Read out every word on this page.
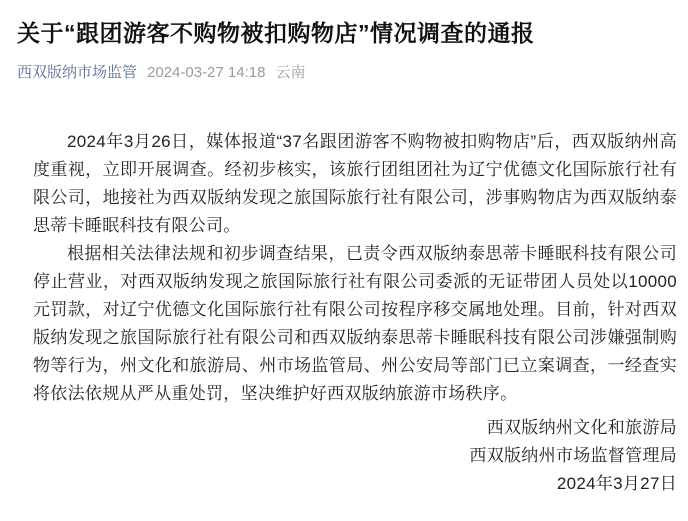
关于“跟团游客不购物被扣购物店”情况调查的通报
西双版纳市场监管 2024-03-27 14:18 云南

2024年3月26日，媒体报道“37名跟团游客不购物被扣购物店”后，西双版纳州高度重视，立即开展调查。经初步核实，该旅行团组团社为辽宁优德文化国际旅行社有限公司，地接社为西双版纳发现之旅国际旅行社有限公司，涉事购物店为西双版纳泰思蒂卡睡眠科技有限公司。

根据相关法律法规和初步调查结果，已责令西双版纳泰思蒂卡睡眠科技有限公司停止营业，对西双版纳发现之旅国际旅行社有限公司委派的无证带团人员处以10000元罚款，对辽宁优德文化国际旅行社有限公司按程序移交属地处理。目前，针对西双版纳发现之旅国际旅行社有限公司和西双版纳泰思蒂卡睡眠科技有限公司涉嫌强制购物等行为，州文化和旅游局、州市场监管局、州公安局等部门已立案调查，一经查实将依法依规从严从重处罚，坚决维护好西双版纳旅游市场秩序。

西双版纳州文化和旅游局
西双版纳州市场监督管理局
2024年3月27日
